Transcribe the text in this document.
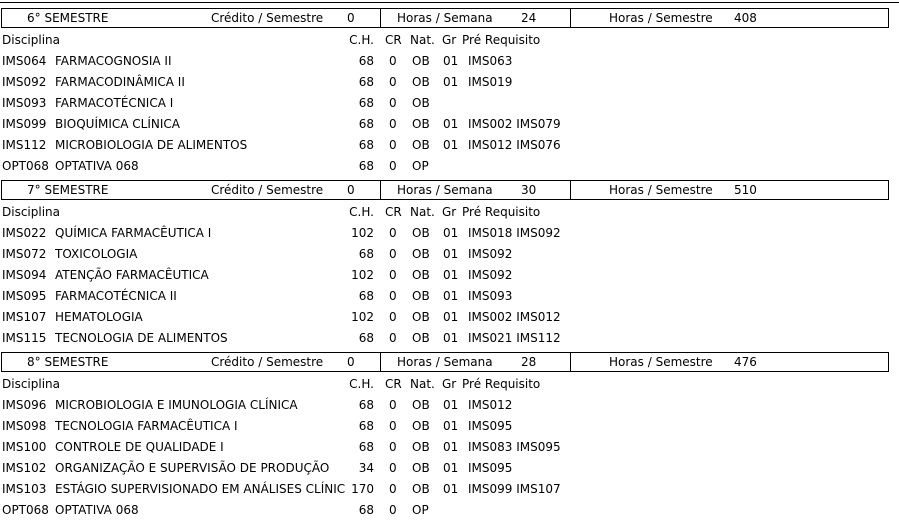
6° SEMESTRE	Crédito / Semestre 0	Horas / Semana 24	Horas / Semestre 408
Disciplina	C.H. CR Nat. Gr Pré Requisito
IMS064 FARMACOGNOSIA II	68 0 OB 01 IMS063
IMS092 FARMACODINÂMICA II	68 0 OB 01 IMS019
IMS093 FARMACOTÉCNICA I	68 0 OB
IMS099 BIOQUÍMICA CLÍNICA	68 0 OB 01 IMS002 IMS079
IMS112 MICROBIOLOGIA DE ALIMENTOS	68 0 OB 01 IMS012 IMS076
OPT068 OPTATIVA 068	68 0 OP
7° SEMESTRE	Crédito / Semestre 0	Horas / Semana 30	Horas / Semestre 510
Disciplina	C.H. CR Nat. Gr Pré Requisito
IMS022 QUÍMICA FARMACÊUTICA I	102 0 OB 01 IMS018 IMS092
IMS072 TOXICOLOGIA	68 0 OB 01 IMS092
IMS094 ATENÇÃO FARMACÊUTICA	102 0 OB 01 IMS092
IMS095 FARMACOTÉCNICA II	68 0 OB 01 IMS093
IMS107 HEMATOLOGIA	102 0 OB 01 IMS002 IMS012
IMS115 TECNOLOGIA DE ALIMENTOS	68 0 OB 01 IMS021 IMS112
8° SEMESTRE	Crédito / Semestre 0	Horas / Semana 28	Horas / Semestre 476
Disciplina	C.H. CR Nat. Gr Pré Requisito
IMS096 MICROBIOLOGIA E IMUNOLOGIA CLÍNICA	68 0 OB 01 IMS012
IMS098 TECNOLOGIA FARMACÊUTICA I	68 0 OB 01 IMS095
IMS100 CONTROLE DE QUALIDADE I	68 0 OB 01 IMS083 IMS095
IMS102 ORGANIZAÇÃO E SUPERVISÃO DE PRODUÇÃO	34 0 OB 01 IMS095
IMS103 ESTÁGIO SUPERVISIONADO EM ANÁLISES CLÍNIC 170 0 OB 01 IMS099 IMS107
OPT068 OPTATIVA 068	68 0 OP
